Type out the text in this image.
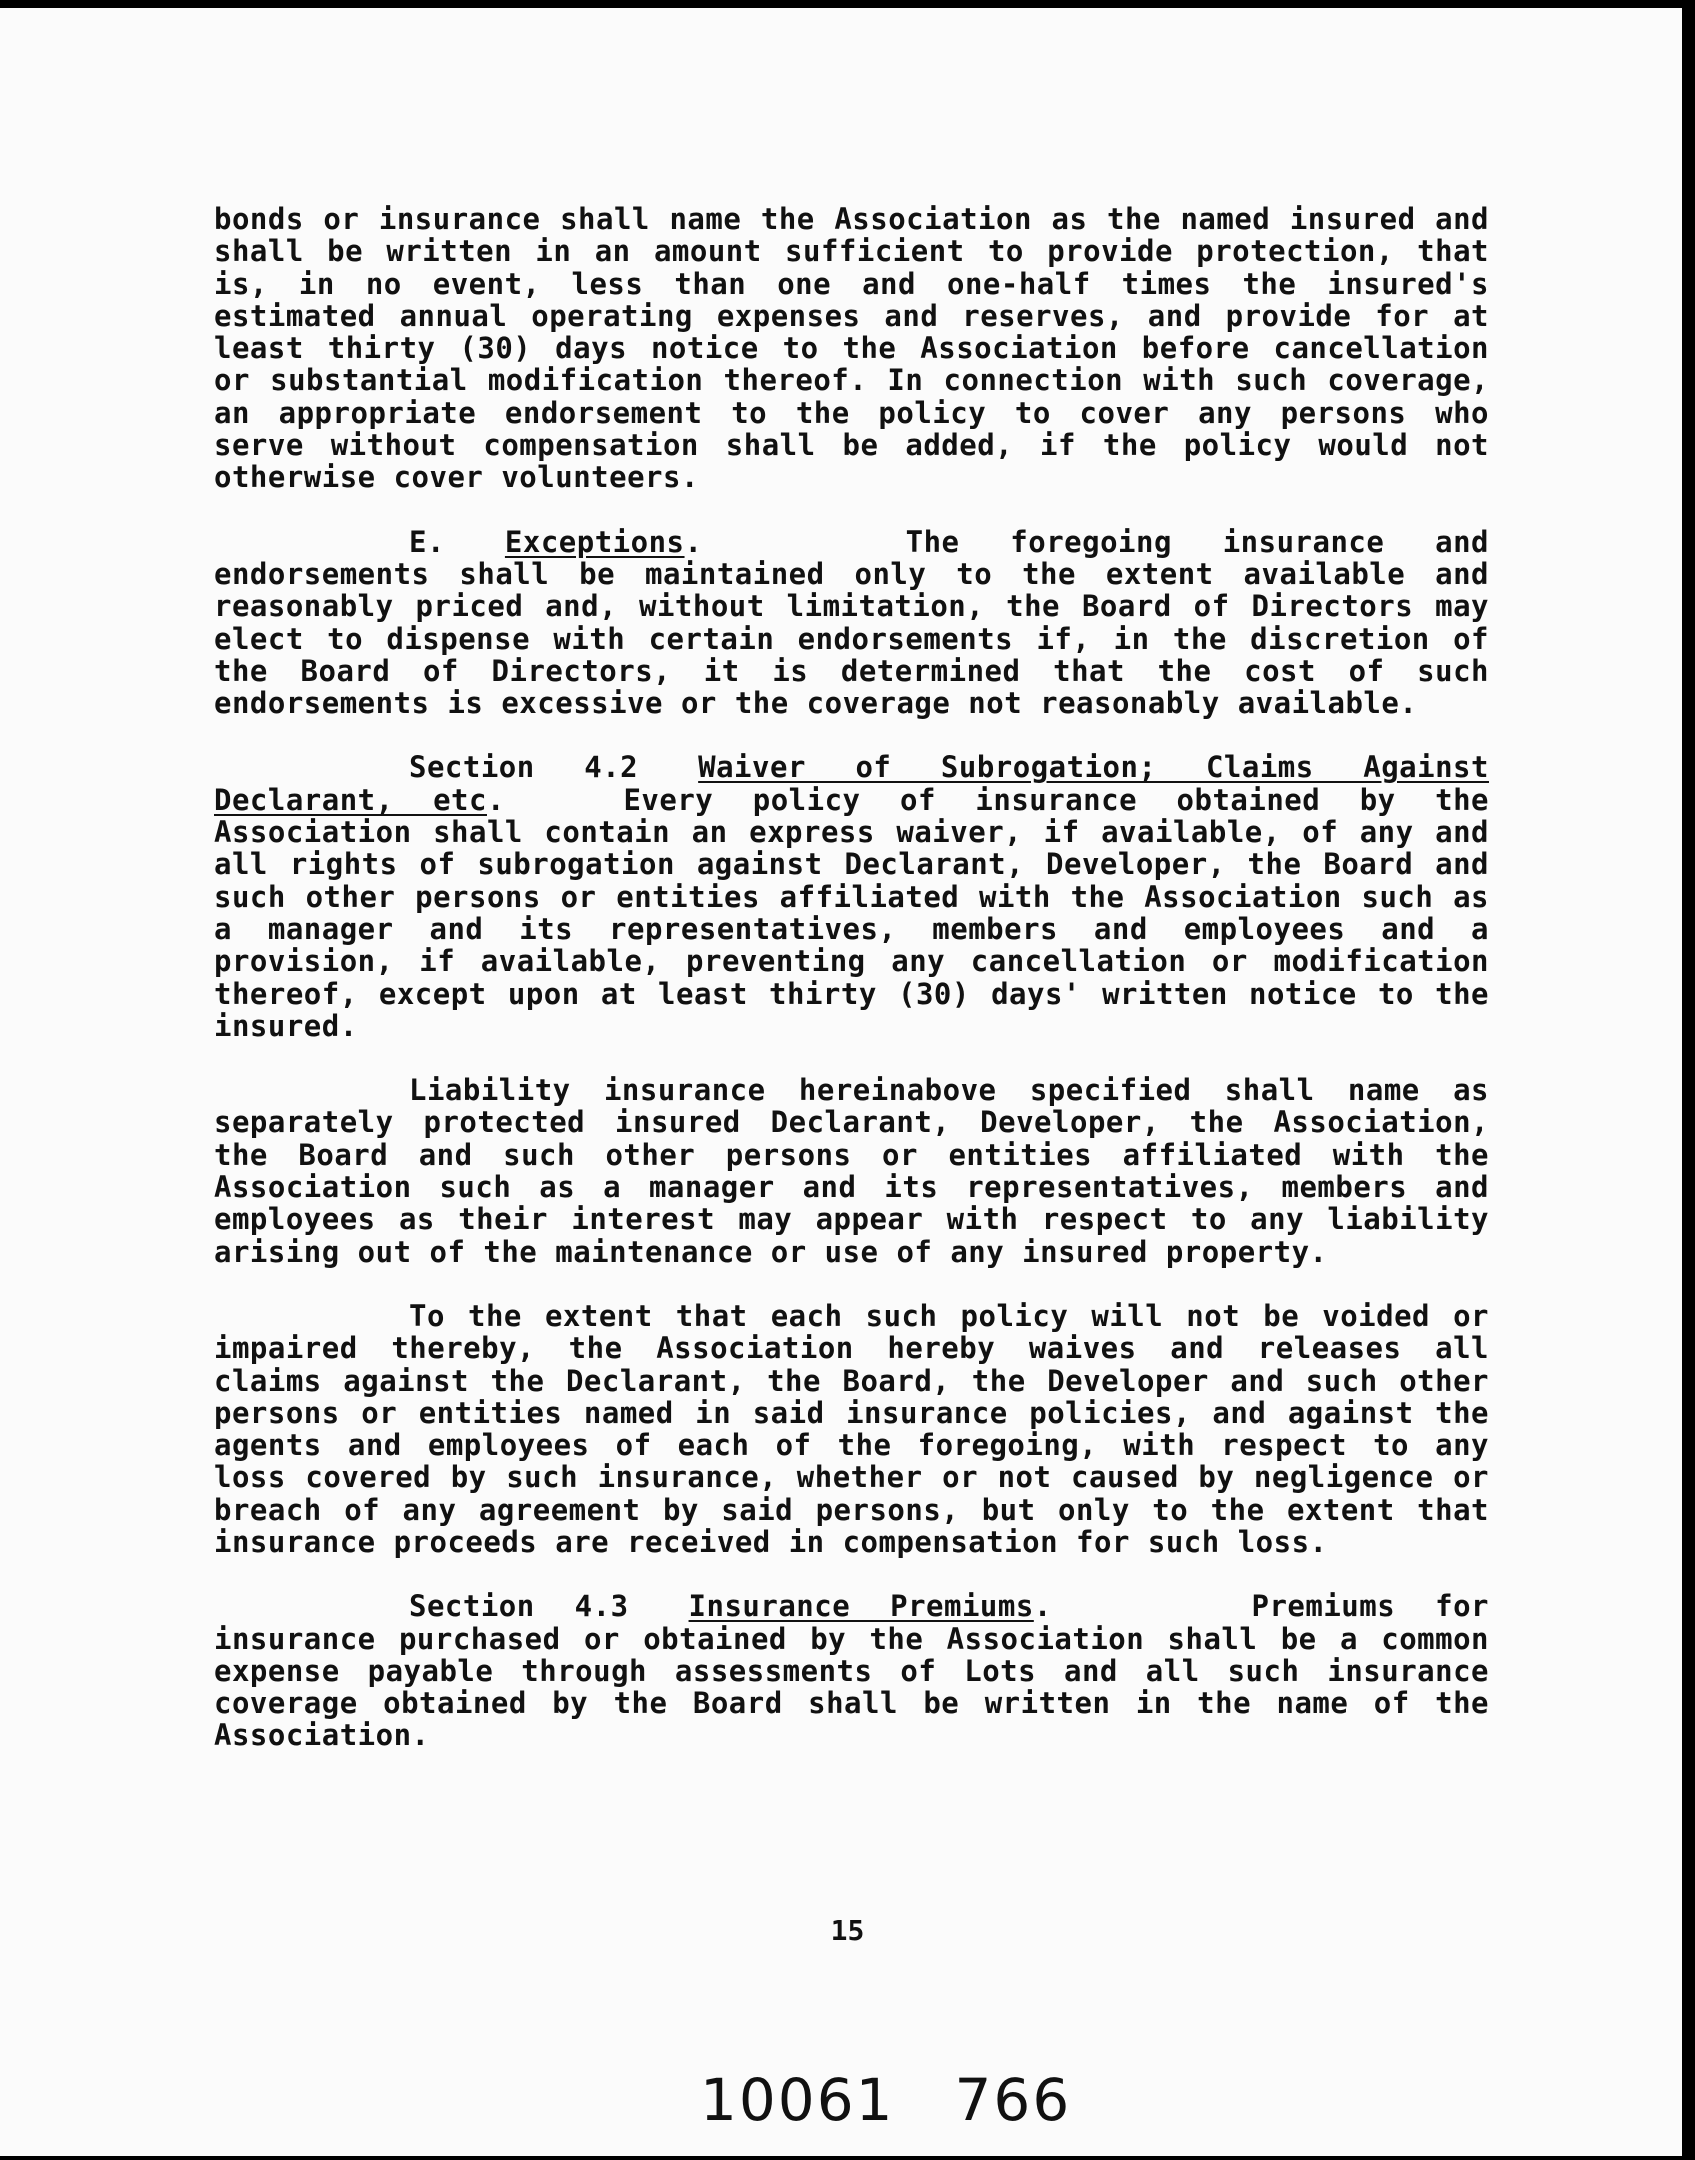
bonds or insurance shall name the Association as the named insured and shall be written in an amount sufficient to provide protection, that is, in no event, less than one and one-half times the insured's estimated annual operating expenses and reserves, and provide for at least thirty (30) days notice to the Association before cancellation or substantial modification thereof. In connection with such coverage, an appropriate endorsement to the policy to cover any persons who serve without compensation shall be added, if the policy would not otherwise cover volunteers.

E. Exceptions.    The foregoing insurance and endorsements shall be maintained only to the extent available and reasonably priced and, without limitation, the Board of Directors may elect to dispense with certain endorsements if, in the discretion of the Board of Directors, it is determined that the cost of such endorsements is excessive or the coverage not reasonably available.

Section 4.2 Waiver of Subrogation; Claims Against Declarant, etc.   Every policy of insurance obtained by the Association shall contain an express waiver, if available, of any and all rights of subrogation against Declarant, Developer, the Board and such other persons or entities affiliated with the Association such as a manager and its representatives, members and employees and a provision, if available, preventing any cancellation or modification thereof, except upon at least thirty (30) days' written notice to the insured.

Liability insurance hereinabove specified shall name as separately protected insured Declarant, Developer, the Association, the Board and such other persons or entities affiliated with the Association such as a manager and its representatives, members and employees as their interest may appear with respect to any liability arising out of the maintenance or use of any insured property.

To the extent that each such policy will not be voided or impaired thereby, the Association hereby waives and releases all claims against the Declarant, the Board, the Developer and such other persons or entities named in said insurance policies, and against the agents and employees of each of the foregoing, with respect to any loss covered by such insurance, whether or not caused by negligence or breach of any agreement by said persons, but only to the extent that insurance proceeds are received in compensation for such loss.

Section 4.3 Insurance Premiums.     Premiums for insurance purchased or obtained by the Association shall be a common expense payable through assessments of Lots and all such insurance coverage obtained by the Board shall be written in the name of the Association.

15
10061 766
